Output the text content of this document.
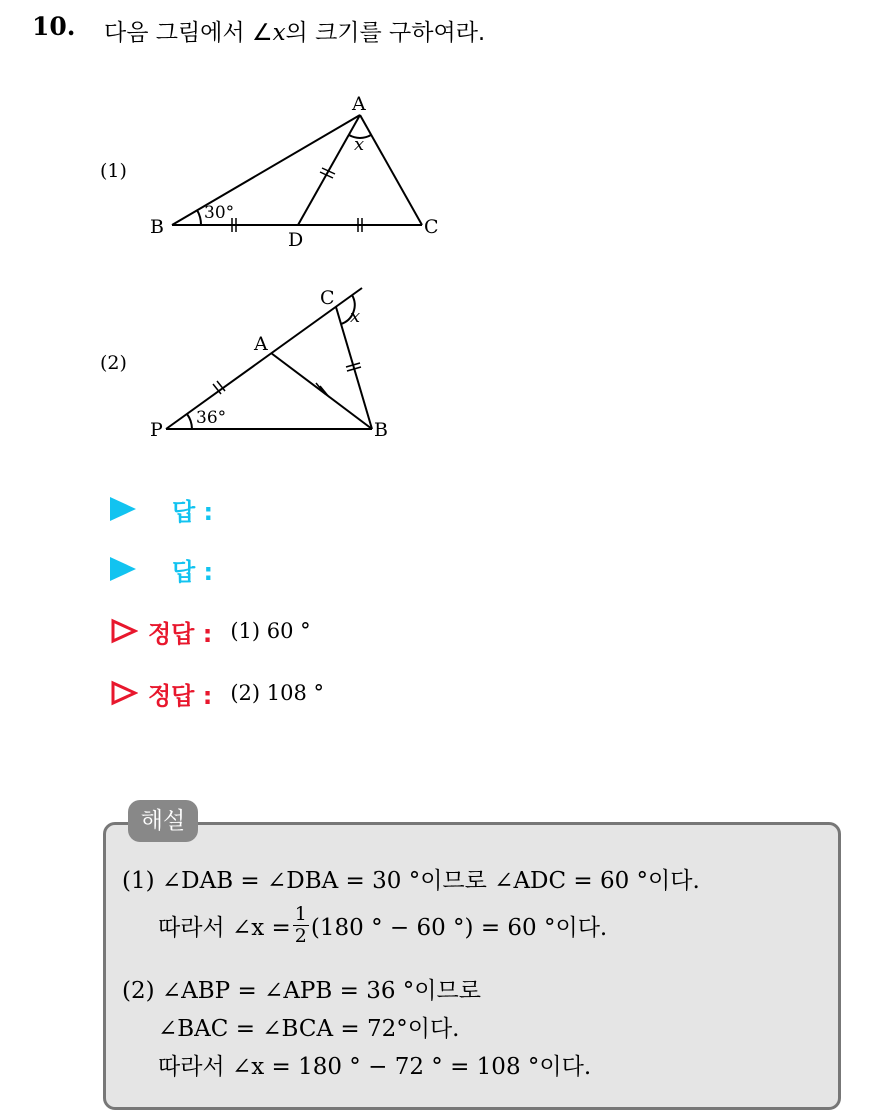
10. 다음 그림에서 ∠x의 크기를 구하여라.
(1)
A
B	C
D
30°
x
(2)
A
B
C
P
36°
x
답 :
답 :
정답 : (1) 60 °
정답 : (2) 108 °
해설
(1) ∠DAB = ∠DBA = 30 °이므로 ∠ADC = 60 °이다.
따라서 ∠x = $\frac{1}{2} (180$ ° − 60 °) = 60 °이다.
(2) ∠ABP = ∠APB = 36 °이므로
∠BAC = ∠BCA = 72°이다.
따라서 ∠x = 180 ° − 72 ° = 108 °이다.
